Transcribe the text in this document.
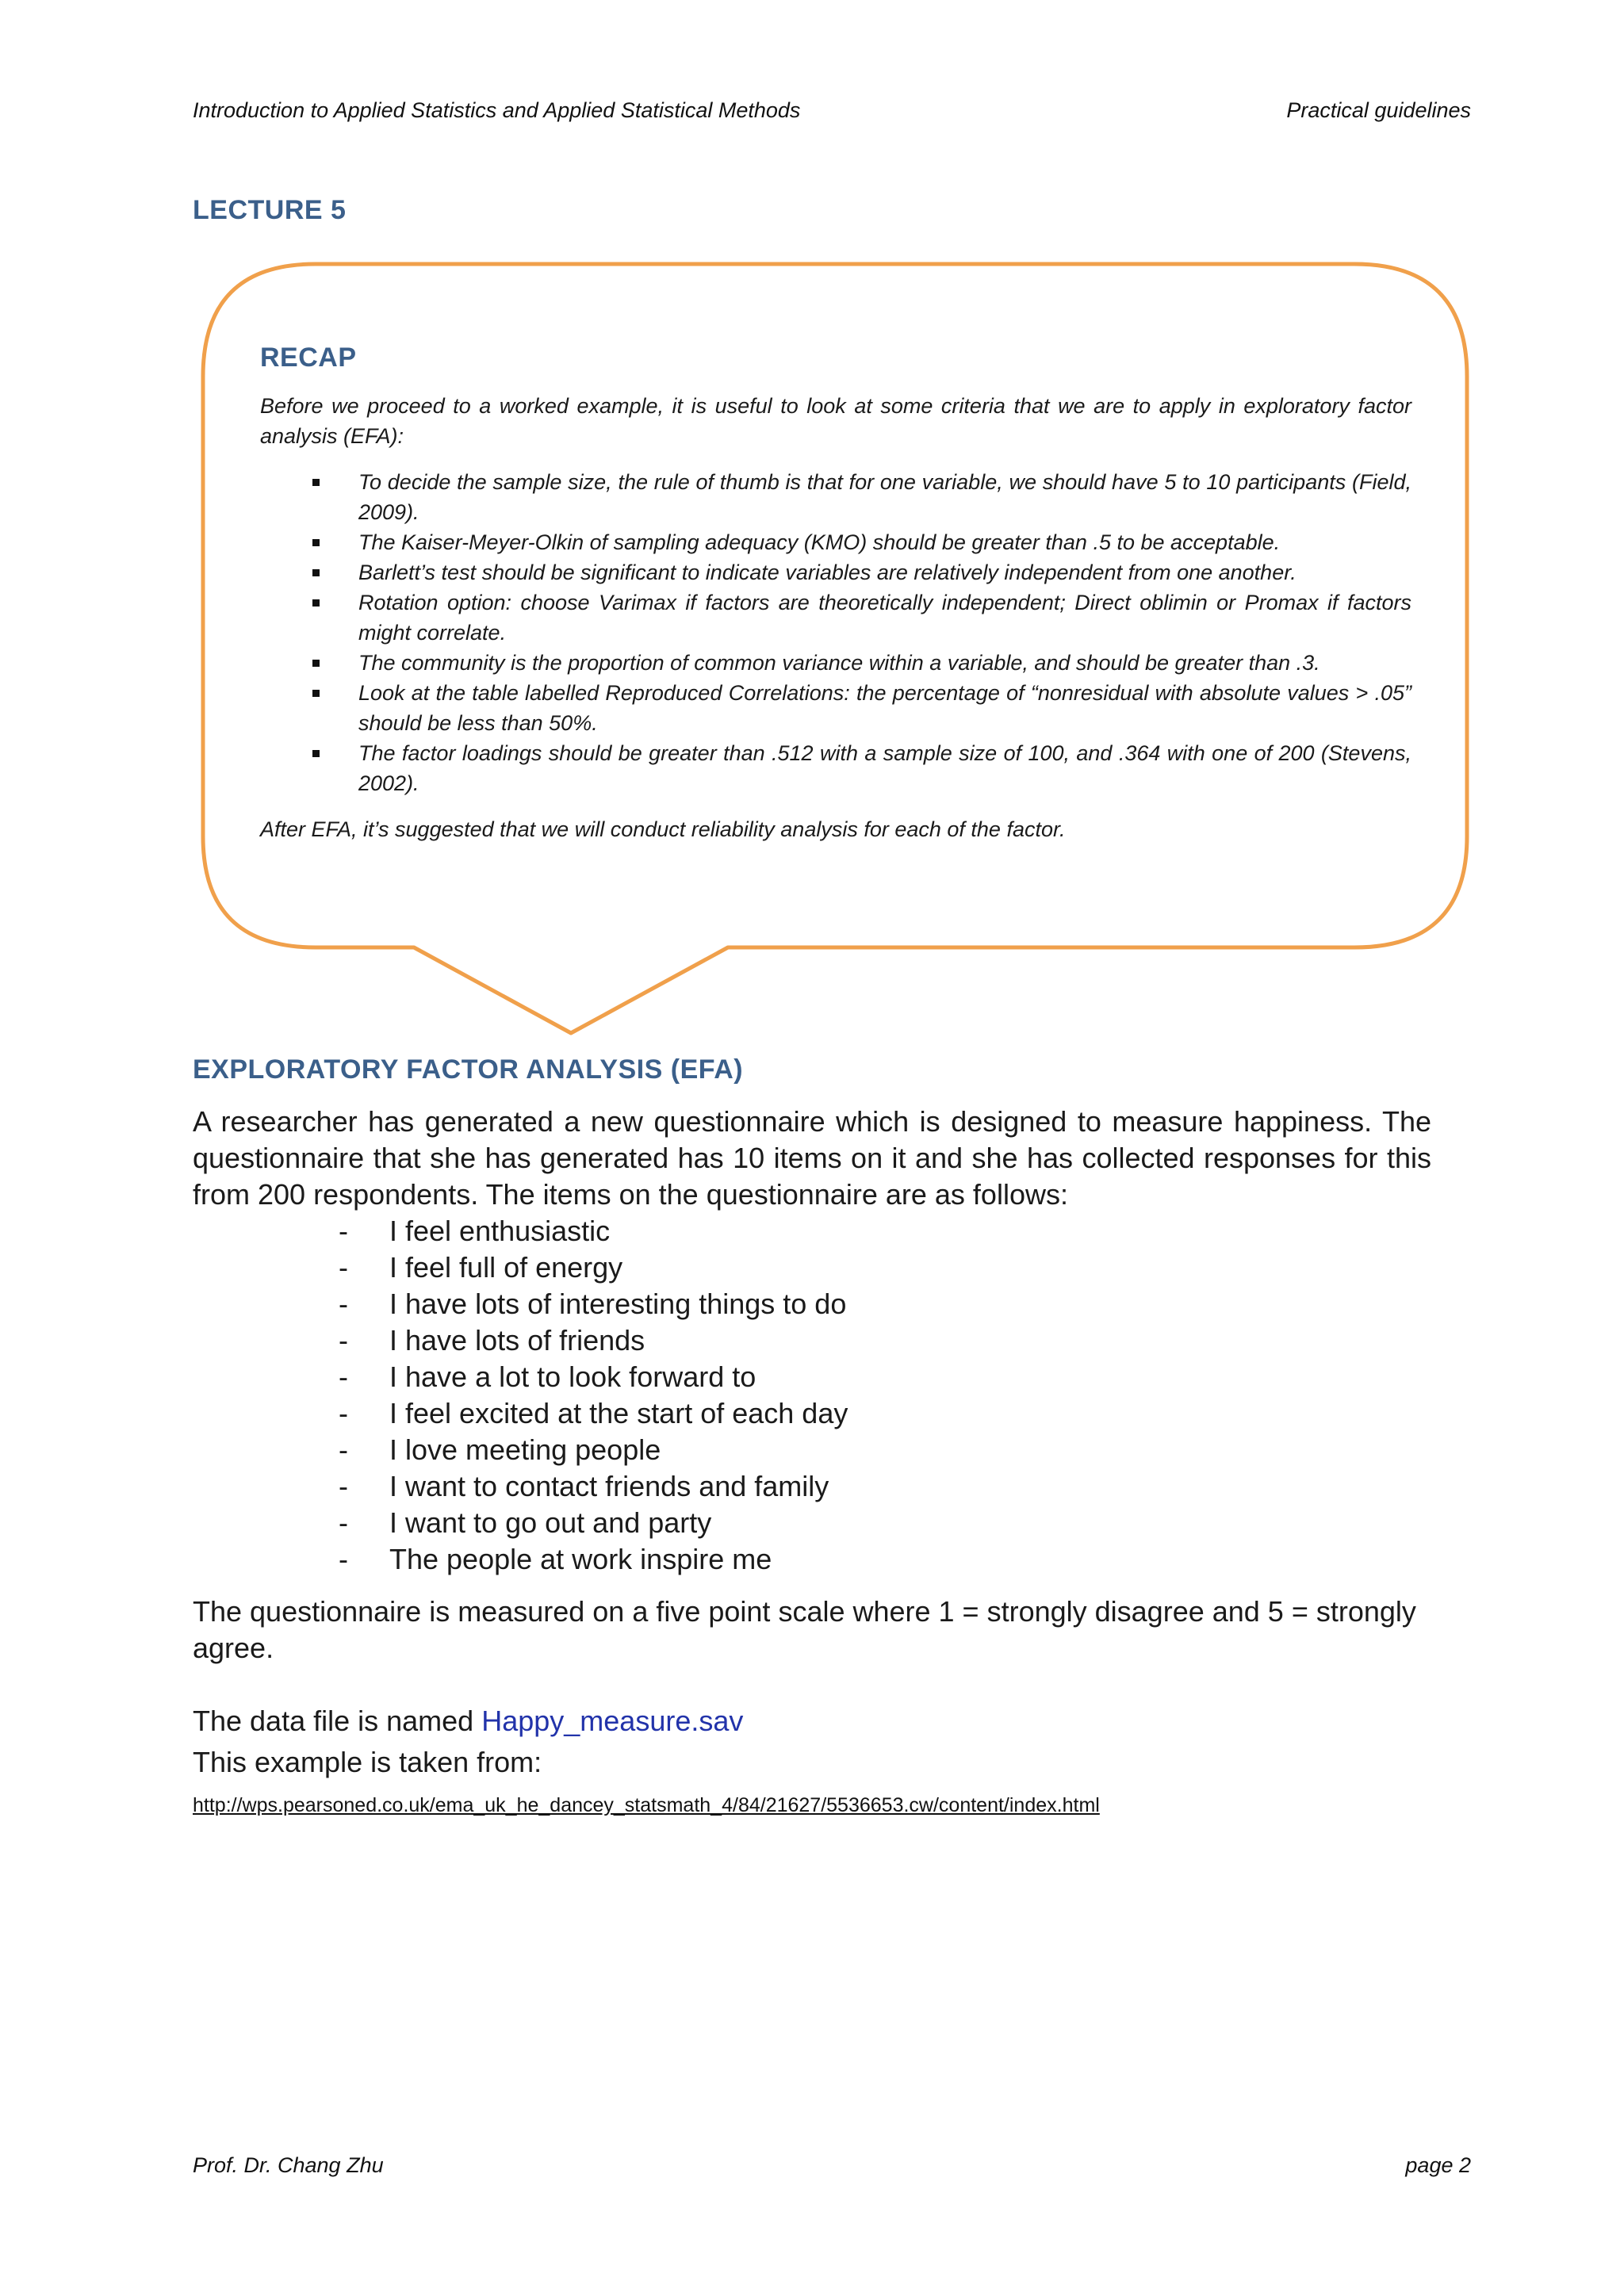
Introduction to Applied Statistics and Applied Statistical Methods	Practical guidelines
LECTURE 5
RECAP

Before we proceed to a worked example, it is useful to look at some criteria that we are to apply in exploratory factor analysis (EFA):

To decide the sample size, the rule of thumb is that for one variable, we should have 5 to 10 participants (Field, 2009).
The Kaiser-Meyer-Olkin of sampling adequacy (KMO) should be greater than .5 to be acceptable.
Barlett’s test should be significant to indicate variables are relatively independent from one another.
Rotation option: choose Varimax if factors are theoretically independent; Direct oblimin or Promax if factors might correlate.
The community is the proportion of common variance within a variable, and should be greater than .3.
Look at the table labelled Reproduced Correlations: the percentage of “nonresidual with absolute values > .05” should be less than 50%.
The factor loadings should be greater than .512 with a sample size of 100, and .364 with one of 200 (Stevens, 2002).

After EFA, it’s suggested that we will conduct reliability analysis for each of the factor.

EXPLORATORY FACTOR ANALYSIS (EFA)

A researcher has generated a new questionnaire which is designed to measure happiness. The questionnaire that she has generated has 10 items on it and she has collected responses for this from 200 respondents. The items on the questionnaire are as follows:

- I feel enthusiastic
- I feel full of energy
- I have lots of interesting things to do
- I have lots of friends
- I have a lot to look forward to
- I feel excited at the start of each day
- I love meeting people
- I want to contact friends and family
- I want to go out and party
- The people at work inspire me

The questionnaire is measured on a five point scale where 1 = strongly disagree and 5 = strongly agree.

The data file is named Happy_measure.sav
This example is taken from:
http://wps.pearsoned.co.uk/ema_uk_he_dancey_statsmath_4/84/21627/5536653.cw/content/index.html
Prof. Dr. Chang Zhu	page 2
